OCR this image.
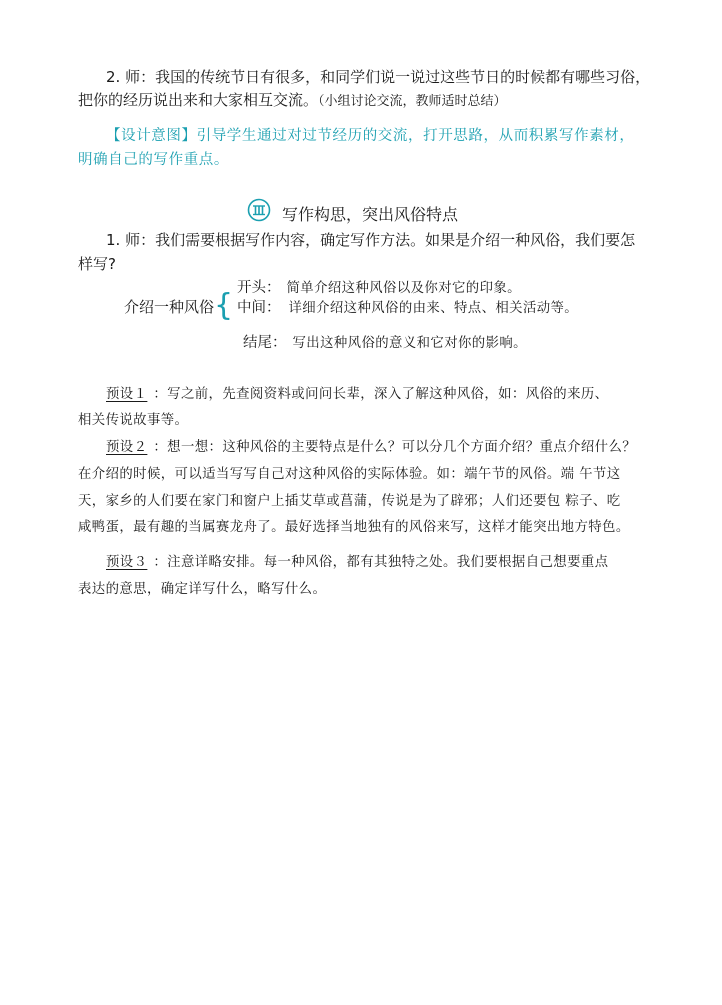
2. 师：我国的传统节日有很多，和同学们说一说过这些节日的时候都有哪些习俗，
把你的经历说出来和大家相互交流。（小组讨论交流，教师适时总结）
【设计意图】引导学生通过对过节经历的交流，打开思路，从而积累写作素材，
明确自己的写作重点。
写作构思，突出风俗特点
1. 师：我们需要根据写作内容，确定写作方法。如果是介绍一种风俗，我们要怎
样写?
介绍一种风俗 { 开头： 简单介绍这种风俗以及你对它的印象。
中间： 详细介绍这种风俗的由来、特点、相关活动等。
结尾： 写出这种风俗的意义和它对你的影响。
预设１ ：写之前，先查阅资料或问问长辈，深入了解这种风俗，如：风俗的来历、
相关传说故事等。
预设２ ：想一想：这种风俗的主要特点是什么？可以分几个方面介绍？重点介绍什么？
在介绍的时候，可以适当写写自己对这种风俗的实际体验。如：端午节的风俗。端 午节这
天，家乡的人们要在家门和窗户上插艾草或菖蒲，传说是为了辟邪；人们还要包 粽子、吃
咸鸭蛋，最有趣的当属赛龙舟了。最好选择当地独有的风俗来写，这样才能突出地方特色。
预设３ ：注意详略安排。每一种风俗，都有其独特之处。我们要根据自己想要重点
表达的意思，确定详写什么，略写什么。
